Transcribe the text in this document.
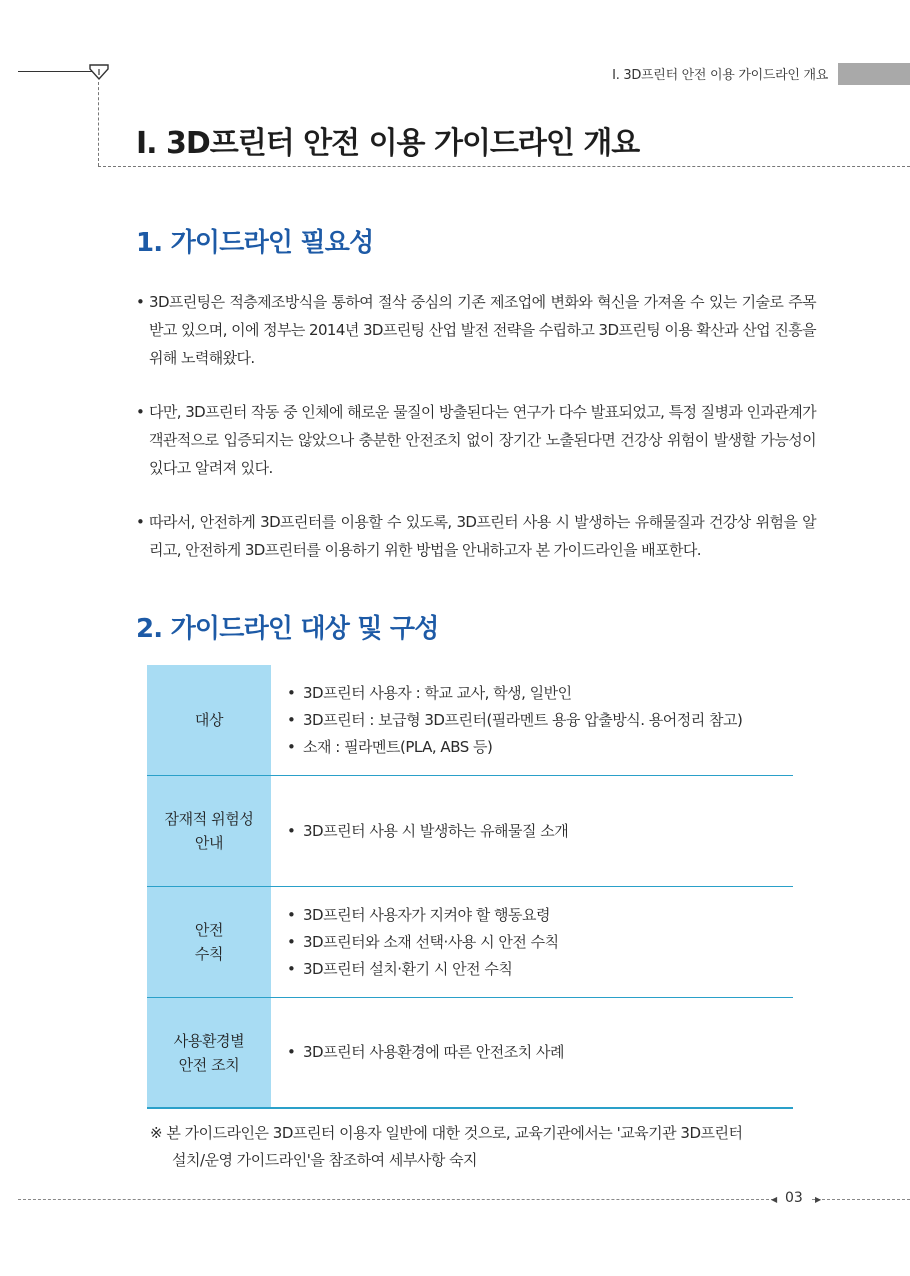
Ⅰ. 3D프린터 안전 이용 가이드라인 개요
Ⅰ. 3D프린터 안전 이용 가이드라인 개요
1. 가이드라인 필요성

• 3D프린팅은 적층제조방식을 통하여 절삭 중심의 기존 제조업에 변화와 혁신을 가져올 수 있는 기술로 주목 받고 있으며, 이에 정부는 2014년 3D프린팅 산업 발전 전략을 수립하고 3D프린팅 이용 확산과 산업 진흥을 위해 노력해왔다.

• 다만, 3D프린터 작동 중 인체에 해로운 물질이 방출된다는 연구가 다수 발표되었고, 특정 질병과 인과관계가 객관적으로 입증되지는 않았으나 충분한 안전조치 없이 장기간 노출된다면 건강상 위험이 발생할 가능성이 있다고 알려져 있다.

• 따라서, 안전하게 3D프린터를 이용할 수 있도록, 3D프린터 사용 시 발생하는 유해물질과 건강상 위험을 알리고, 안전하게 3D프린터를 이용하기 위한 방법을 안내하고자 본 가이드라인을 배포한다.

2. 가이드라인 대상 및 구성
대상
• 3D프린터 사용자 : 학교 교사, 학생, 일반인
• 3D프린터 : 보급형 3D프린터(필라멘트 용융 압출방식. 용어정리 참고)
• 소재 : 필라멘트(PLA, ABS 등)
잠재적 위험성
안내
• 3D프린터 사용 시 발생하는 유해물질 소개
안전
수칙
• 3D프린터 사용자가 지켜야 할 행동요령
• 3D프린터와 소재 선택·사용 시 안전 수칙
• 3D프린터 설치·환기 시 안전 수칙
사용환경별
안전 조치
• 3D프린터 사용환경에 따른 안전조치 사례
※ 본 가이드라인은 3D프린터 이용자 일반에 대한 것으로, 교육기관에서는 '교육기관 3D프린터
설치/운영 가이드라인'을 참조하여 세부사항 숙지
◀ 03 ▶
